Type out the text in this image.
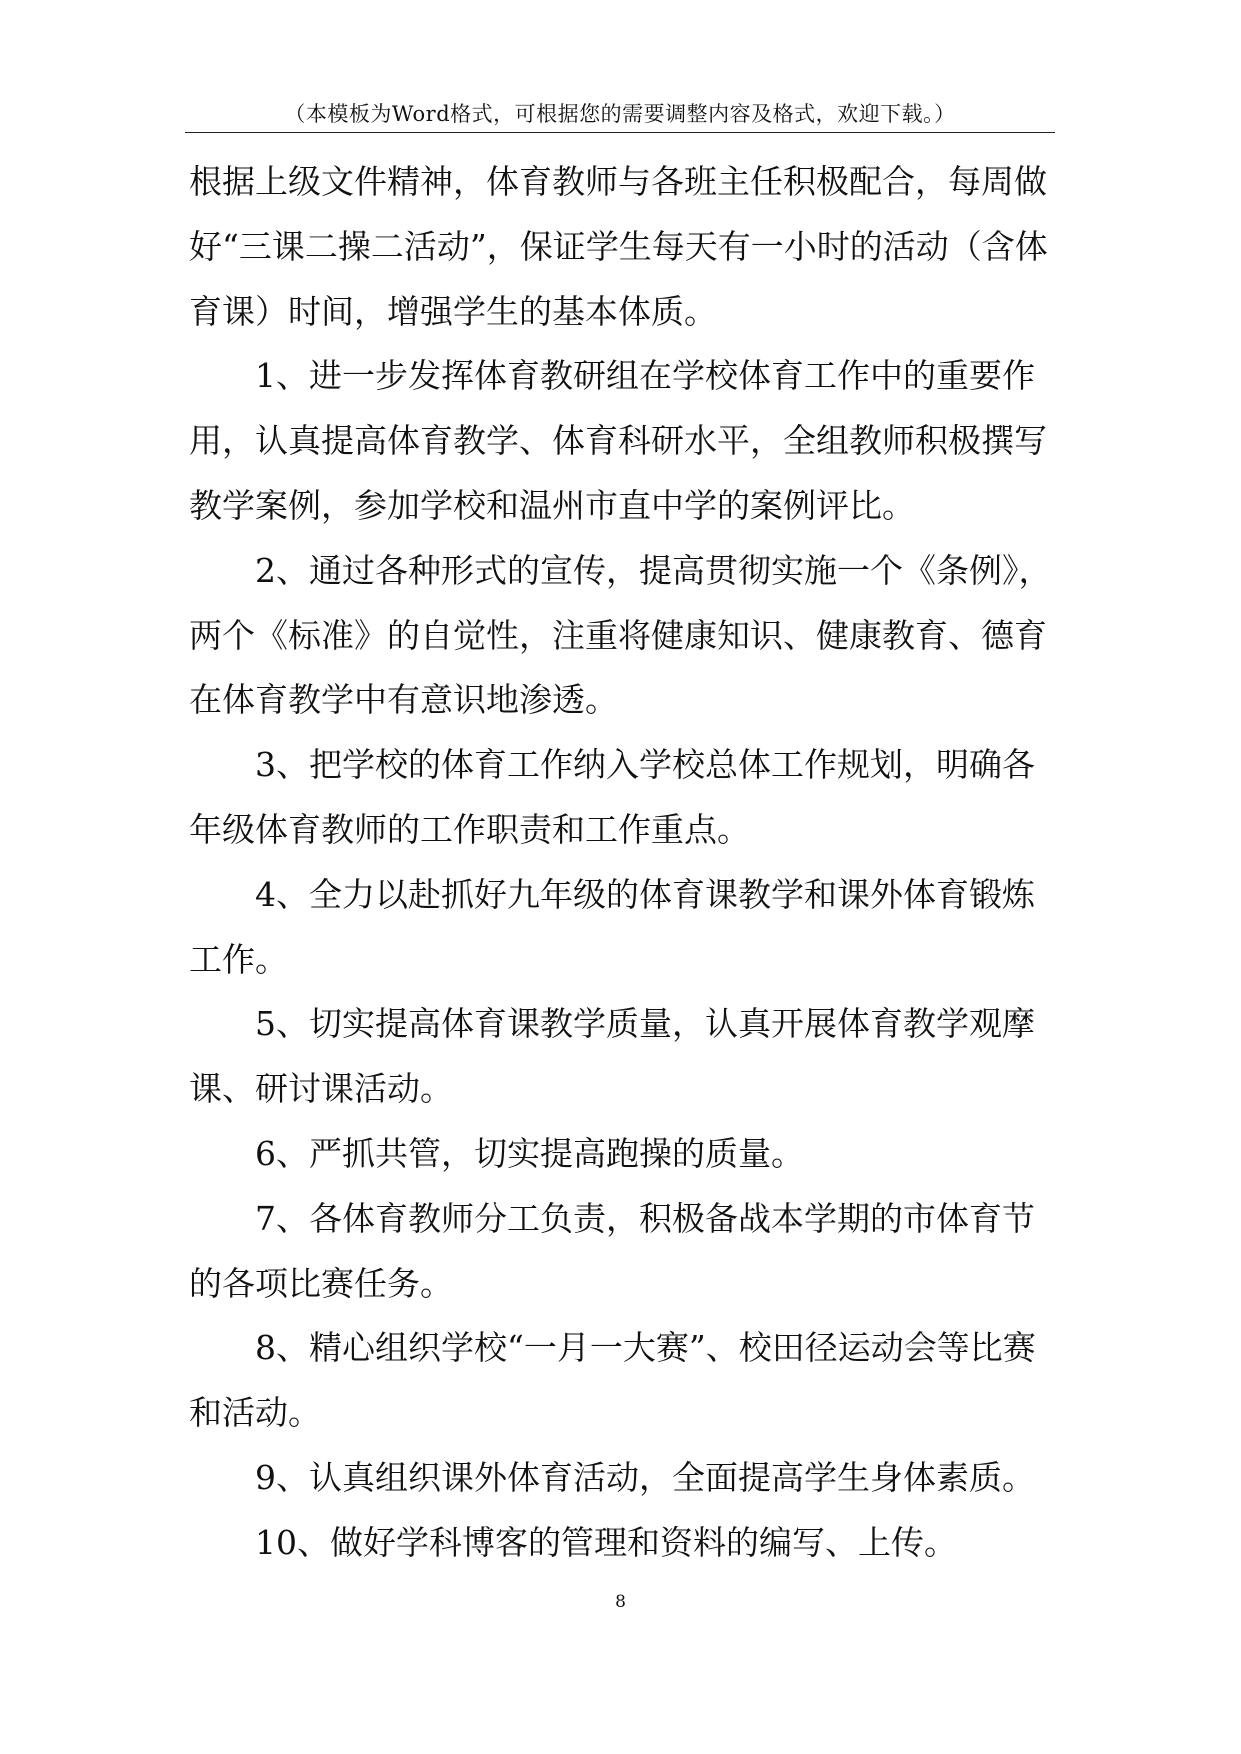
（本模板为Word格式，可根据您的需要调整内容及格式，欢迎下载。）

根据上级文件精神，体育教师与各班主任积极配合，每周做好“三课二操二活动”，保证学生每天有一小时的活动（含体育课）时间，增强学生的基本体质。

1、进一步发挥体育教研组在学校体育工作中的重要作用，认真提高体育教学、体育科研水平，全组教师积极撰写教学案例，参加学校和温州市直中学的案例评比。

2、通过各种形式的宣传，提高贯彻实施一个《条例》，两个《标准》的自觉性，注重将健康知识、健康教育、德育在体育教学中有意识地渗透。

3、把学校的体育工作纳入学校总体工作规划，明确各年级体育教师的工作职责和工作重点。

4、全力以赴抓好九年级的体育课教学和课外体育锻炼工作。

5、切实提高体育课教学质量，认真开展体育教学观摩课、研讨课活动。

6、严抓共管，切实提高跑操的质量。

7、各体育教师分工负责，积极备战本学期的市体育节的各项比赛任务。

8、精心组织学校“一月一大赛”、校田径运动会等比赛和活动。

9、认真组织课外体育活动，全面提高学生身体素质。

10、做好学科博客的管理和资料的编写、上传。

8
